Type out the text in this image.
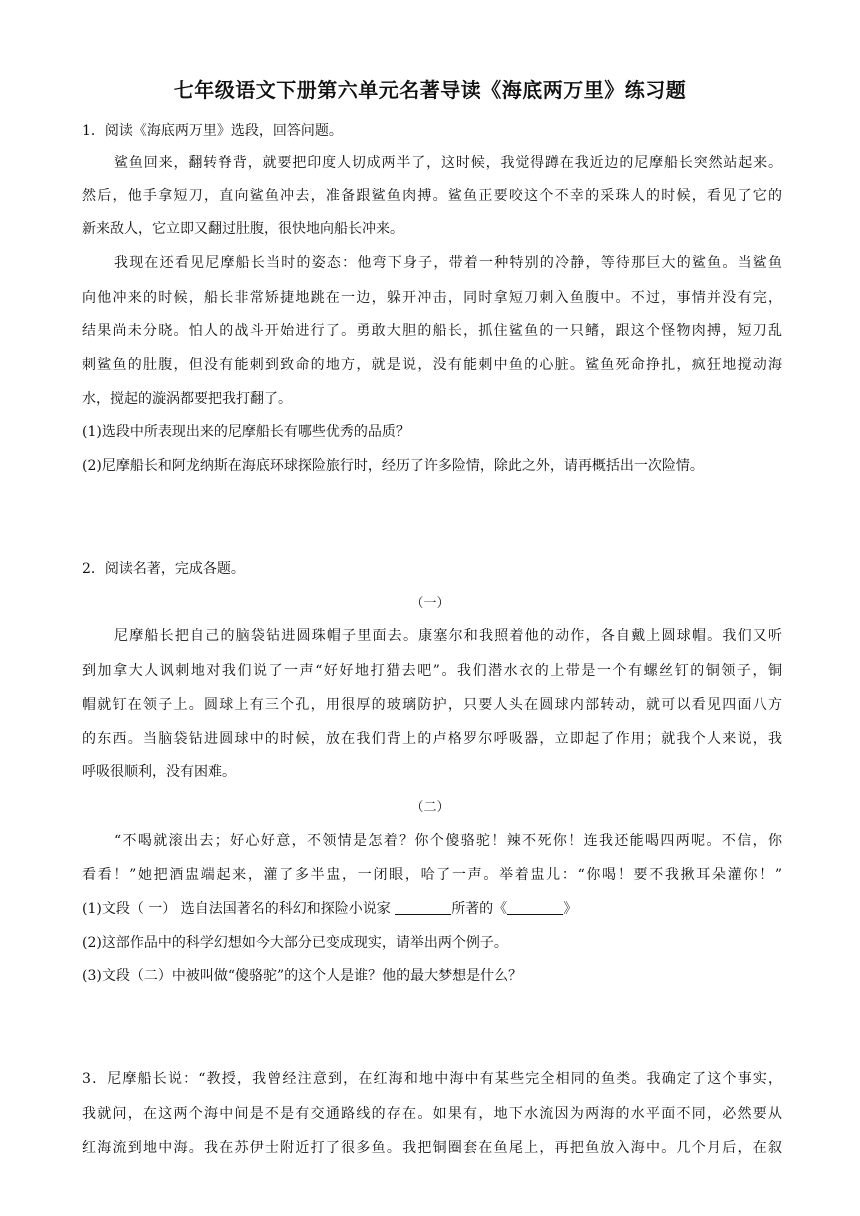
七年级语文下册第六单元名著导读《海底两万里》练习题
1．阅读《海底两万里》选段，回答问题。
鲨鱼回来，翻转脊背，就要把印度人切成两半了，这时候，我觉得蹲在我近边的尼摩船长突然站起来。
然后，他手拿短刀，直向鲨鱼冲去，准备跟鲨鱼肉搏。鲨鱼正要咬这个不幸的采珠人的时候，看见了它的
新来敌人，它立即又翻过肚腹，很快地向船长冲来。
我现在还看见尼摩船长当时的姿态：他弯下身子，带着一种特别的冷静，等待那巨大的鲨鱼。当鲨鱼
向他冲来的时候，船长非常矫捷地跳在一边，躲开冲击，同时拿短刀刺入鱼腹中。不过，事情并没有完，
结果尚未分晓。怕人的战斗开始进行了。勇敢大胆的船长，抓住鲨鱼的一只鳍，跟这个怪物肉搏，短刀乱
刺鲨鱼的肚腹，但没有能刺到致命的地方，就是说，没有能刺中鱼的心脏。鲨鱼死命挣扎，疯狂地搅动海
水，搅起的漩涡都要把我打翻了。
(1)选段中所表现出来的尼摩船长有哪些优秀的品质？
(2)尼摩船长和阿龙纳斯在海底环球探险旅行时，经历了许多险情，除此之外，请再概括出一次险情。
2．阅读名著，完成各题。
（一）
尼摩船长把自己的脑袋钻进圆珠帽子里面去。康塞尔和我照着他的动作，各自戴上圆球帽。我们又听
到加拿大人讽刺地对我们说了一声“好好地打猎去吧”。我们潜水衣的上带是一个有螺丝钉的铜领子，铜
帽就钉在领子上。圆球上有三个孔，用很厚的玻璃防护，只要人头在圆球内部转动，就可以看见四面八方
的东西。当脑袋钻进圆球中的时候，放在我们背上的卢格罗尔呼吸器，立即起了作用；就我个人来说，我
呼吸很顺利，没有困难。
（二）
“不喝就滚出去；好心好意，不领情是怎着？你个傻骆驼！辣不死你！连我还能喝四两呢。不信，你
看看！”她把酒盅端起来，灌了多半盅，一闭眼，哈了一声。举着盅儿：“你喝！要不我揪耳朵灌你！”
(1)文段（ 一） 选自法国著名的科幻和探险小说家	所著的《	》
(2)这部作品中的科学幻想如今大部分已变成现实，请举出两个例子。
(3)文段（二）中被叫做“傻骆驼”的这个人是谁？他的最大梦想是什么？
3．尼摩船长说：“教授，我曾经注意到，在红海和地中海中有某些完全相同的鱼类。我确定了这个事实，
我就问，在这两个海中间是不是有交通路线的存在。如果有，地下水流因为两海的水平面不同，必然要从
红海流到地中海。我在苏伊士附近打了很多鱼。我把铜圈套在鱼尾上，再把鱼放入海中。几个月后，在叙
